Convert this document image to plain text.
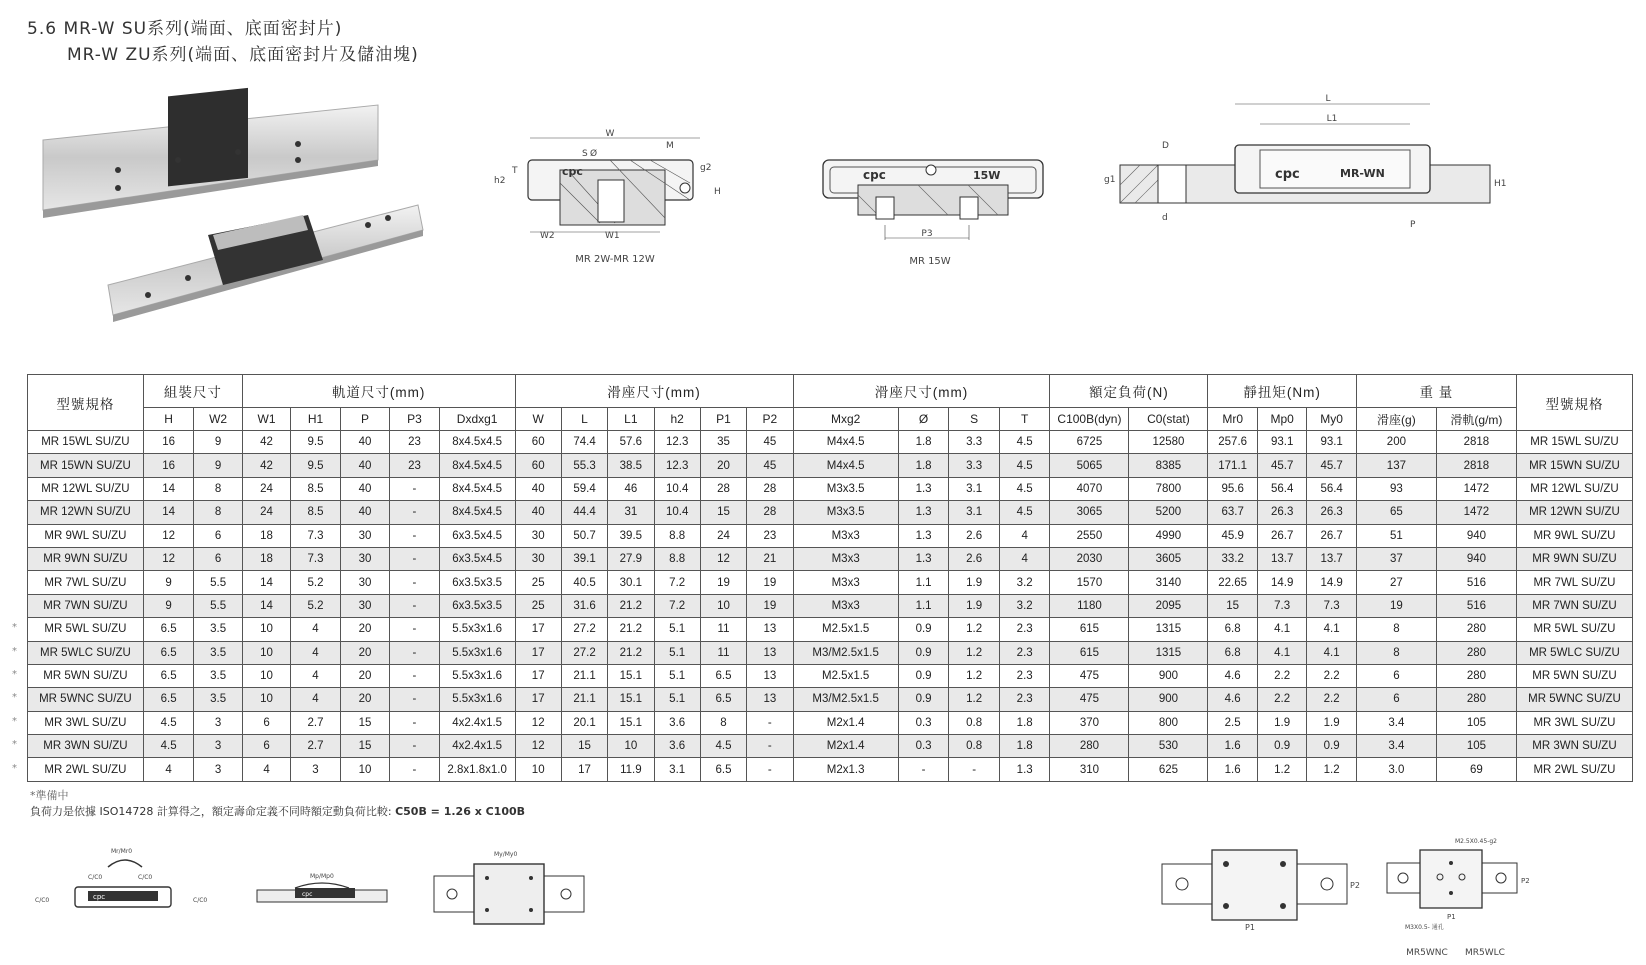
5.6 MR-W SU系列(端面、底面密封片)
MR-W ZU系列(端面、底面密封片及儲油塊)
W
M
S Ø
T
h2
g2
H
W2	W1
cpc
MR 2W-MR 12W
cpc	15W
P3
MR 15W
L
L1
D
g1
d
P
H1
cpc	MR-WN
型號規格	組裝尺寸		軌道尺寸(mm)					滑座尺寸(mm)						滑座尺寸(mm)				額定負荷(N)		靜扭矩(Nm)			重 量		型號規格
	H	W2	W1	H1	P	P3	Dxdxg1	W	L	L1	h2	P1	P2	Mxg2	Ø	S	T	C100B(dyn)	C0(stat)	Mr0	Mp0	My0	滑座(g)	滑軌(g/m)	
MR 15WL SU/ZU	16	9	42	9.5	40	23	8x4.5x4.5	60	74.4	57.6	12.3	35	45	M4x4.5	1.8	3.3	4.5	6725	12580	257.6	93.1	93.1	200	2818	MR 15WL SU/ZU
MR 15WN SU/ZU	16	9	42	9.5	40	23	8x4.5x4.5	60	55.3	38.5	12.3	20	45	M4x4.5	1.8	3.3	4.5	5065	8385	171.1	45.7	45.7	137	2818	MR 15WN SU/ZU
MR 12WL SU/ZU	14	8	24	8.5	40	-	8x4.5x4.5	40	59.4	46	10.4	28	28	M3x3.5	1.3	3.1	4.5	4070	7800	95.6	56.4	56.4	93	1472	MR 12WL SU/ZU
MR 12WN SU/ZU	14	8	24	8.5	40	-	8x4.5x4.5	40	44.4	31	10.4	15	28	M3x3.5	1.3	3.1	4.5	3065	5200	63.7	26.3	26.3	65	1472	MR 12WN SU/ZU
MR 9WL SU/ZU	12	6	18	7.3	30	-	6x3.5x4.5	30	50.7	39.5	8.8	24	23	M3x3	1.3	2.6	4	2550	4990	45.9	26.7	26.7	51	940	MR 9WL SU/ZU
MR 9WN SU/ZU	12	6	18	7.3	30	-	6x3.5x4.5	30	39.1	27.9	8.8	12	21	M3x3	1.3	2.6	4	2030	3605	33.2	13.7	13.7	37	940	MR 9WN SU/ZU
MR 7WL SU/ZU	9	5.5	14	5.2	30	-	6x3.5x3.5	25	40.5	30.1	7.2	19	19	M3x3	1.1	1.9	3.2	1570	3140	22.65	14.9	14.9	27	516	MR 7WL SU/ZU
MR 7WN SU/ZU	9	5.5	14	5.2	30	-	6x3.5x3.5	25	31.6	21.2	7.2	10	19	M3x3	1.1	1.9	3.2	1180	2095	15	7.3	7.3	19	516	MR 7WN SU/ZU
MR 5WL SU/ZU	6.5	3.5	10	4	20	-	5.5x3x1.6	17	27.2	21.2	5.1	11	13	M2.5x1.5	0.9	1.2	2.3	615	1315	6.8	4.1	4.1	8	280	MR 5WL SU/ZU
MR 5WLC SU/ZU	6.5	3.5	10	4	20	-	5.5x3x1.6	17	27.2	21.2	5.1	11	13	M3/M2.5x1.5	0.9	1.2	2.3	615	1315	6.8	4.1	4.1	8	280	MR 5WLC SU/ZU
MR 5WN SU/ZU	6.5	3.5	10	4	20	-	5.5x3x1.6	17	21.1	15.1	5.1	6.5	13	M2.5x1.5	0.9	1.2	2.3	475	900	4.6	2.2	2.2	6	280	MR 5WN SU/ZU
MR 5WNC SU/ZU	6.5	3.5	10	4	20	-	5.5x3x1.6	17	21.1	15.1	5.1	6.5	13	M3/M2.5x1.5	0.9	1.2	2.3	475	900	4.6	2.2	2.2	6	280	MR 5WNC SU/ZU
MR 3WL SU/ZU	4.5	3	6	2.7	15	-	4x2.4x1.5	12	20.1	15.1	3.6	8	-	M2x1.4	0.3	0.8	1.8	370	800	2.5	1.9	1.9	3.4	105	MR 3WL SU/ZU
MR 3WN SU/ZU	4.5	3	6	2.7	15	-	4x2.4x1.5	12	15	10	3.6	4.5	-	M2x1.4	0.3	0.8	1.8	280	530	1.6	0.9	0.9	3.4	105	MR 3WN SU/ZU
MR 2WL SU/ZU	4	3	4	3	10	-	2.8x1.8x1.0	10	17	11.9	3.1	6.5	-	M2x1.3	-	-	1.3	310	625	1.6	1.2	1.2	3.0	69	MR 2WL SU/ZU
*
*
*
*
*
*
*
*準備中
負荷力是依據 ISO14728 計算得之，額定壽命定義不同時額定動負荷比較: C50B = 1.26 x C100B
Mr/Mr0
C/C0	C/C0
C/C0	C/C0
cpc
Mp/Mp0
cpc
My/My0
P2
P1
M2.5X0.45-g2
P2
P1
M3X0.5- 通孔
MR5WNC	MR5WLC
